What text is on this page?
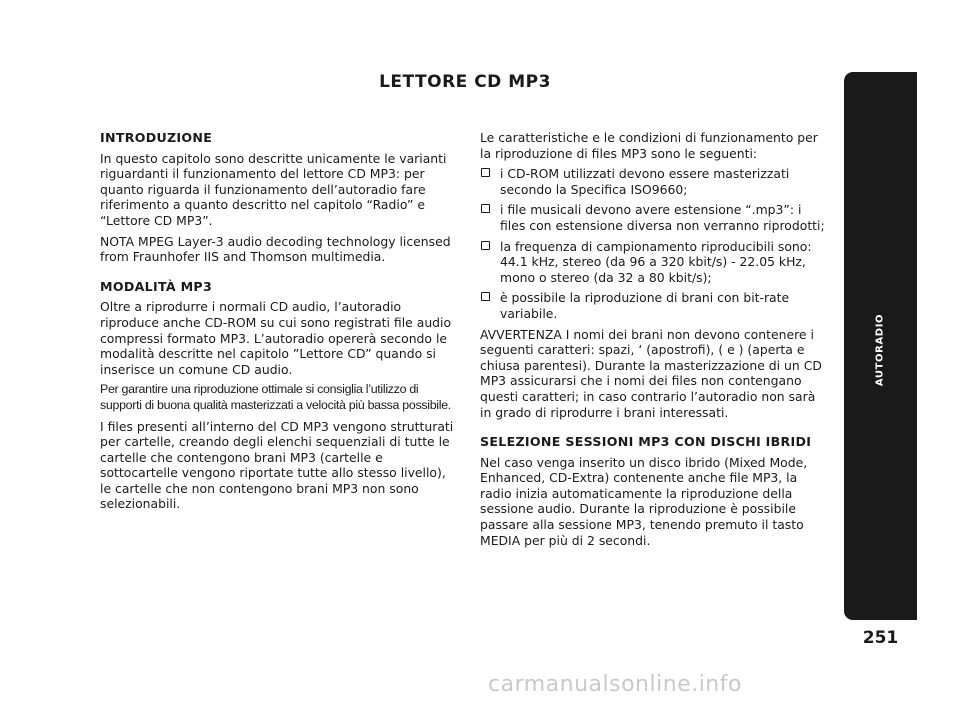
LETTORE CD MP3
INTRODUZIONE

In questo capitolo sono descritte unicamente le varianti riguardanti il funzionamento del lettore CD MP3: per quanto riguarda il funzionamento dell’autoradio fare riferimento a quanto descritto nel capitolo “Radio” e “Lettore CD MP3”.

NOTA MPEG Layer-3 audio decoding technology licensed from Fraunhofer IIS and Thomson multimedia.

MODALITÀ MP3

Oltre a riprodurre i normali CD audio, l’autoradio riproduce anche CD-ROM su cui sono registrati file audio compressi formato MP3. L’autoradio opererà secondo le modalità descritte nel capitolo ”Lettore CD” quando si inserisce un comune CD audio.

Per garantire una riproduzione ottimale si consiglia l’utilizzo di supporti di buona qualità masterizzati a velocità più bassa possibile.

I files presenti all’interno del CD MP3 vengono strutturati per cartelle, creando degli elenchi sequenziali di tutte le cartelle che contengono brani MP3 (cartelle e sottocartelle vengono riportate tutte allo stesso livello), le cartelle che non contengono brani MP3 non sono selezionabili.

Le caratteristiche e le condizioni di funzionamento per la riproduzione di files MP3 sono le seguenti:

i CD-ROM utilizzati devono essere masterizzati secondo la Specifica ISO9660;
i file musicali devono avere estensione “.mp3”: i files con estensione diversa non verranno riprodotti;
la frequenza di campionamento riproducibili sono: 44.1 kHz, stereo (da 96 a 320 kbit/s) - 22.05 kHz, mono o stereo (da 32 a 80 kbit/s);
è possibile la riproduzione di brani con bit-rate variabile.

AVVERTENZA I nomi dei brani non devono contenere i seguenti caratteri: spazi, ‘ (apostrofi), ( e ) (aperta e chiusa parentesi). Durante la masterizzazione di un CD MP3 assicurarsi che i nomi dei files non contengano questi caratteri; in caso contrario l’autoradio non sarà in grado di riprodurre i brani interessati.

SELEZIONE SESSIONI MP3 CON DISCHI IBRIDI

Nel caso venga inserito un disco ibrido (Mixed Mode, Enhanced, CD-Extra) contenente anche file MP3, la radio inizia automaticamente la riproduzione della sessione audio. Durante la riproduzione è possibile passare alla sessione MP3, tenendo premuto il tasto MEDIA per più di 2 secondi.

AUTORADIO
251
carmanualsonline.info
